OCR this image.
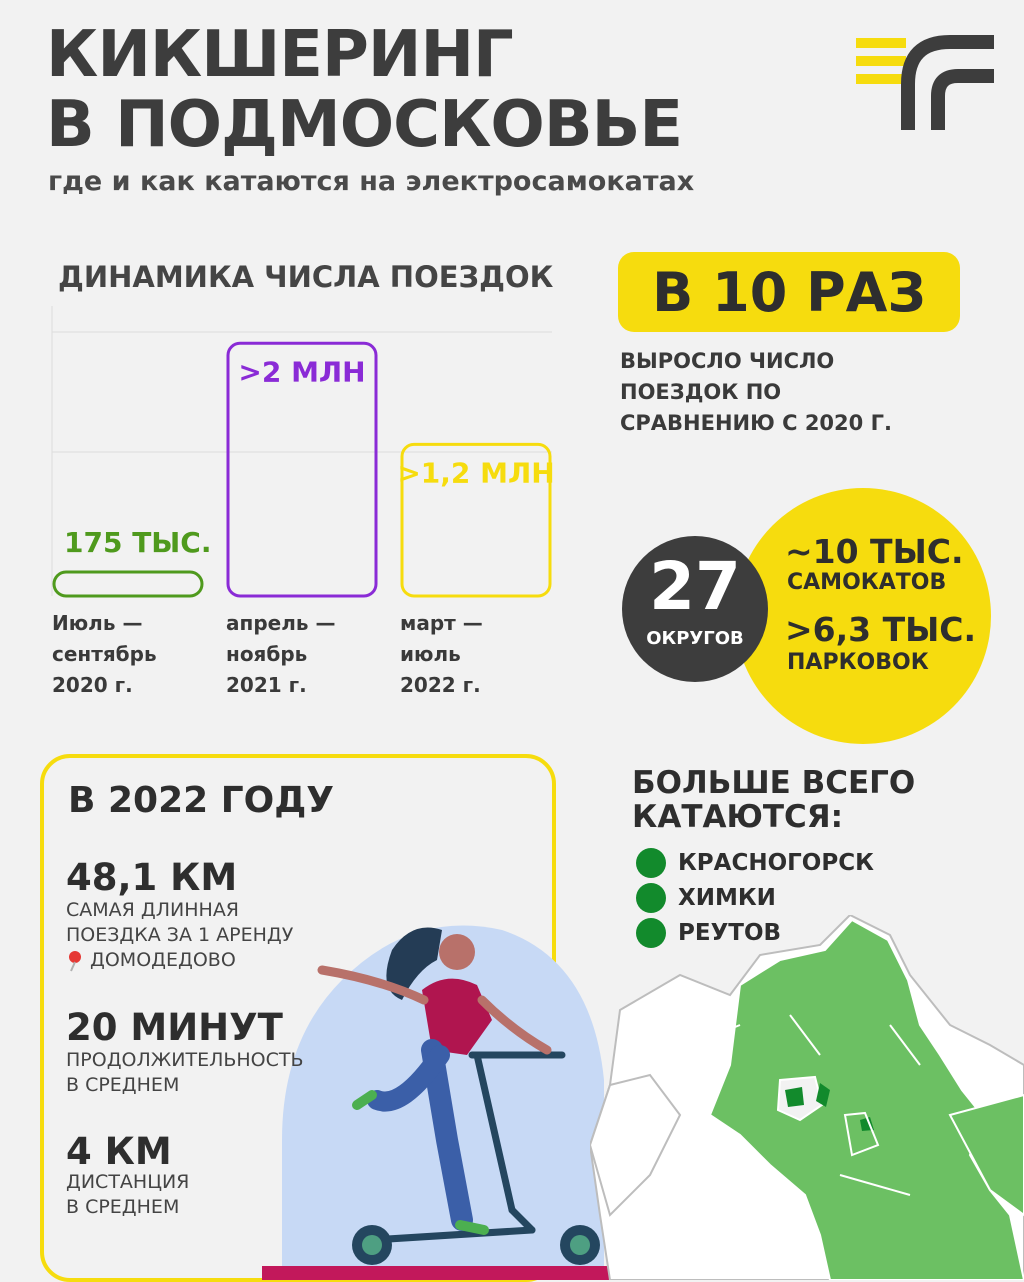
КИКШЕРИНГ
В ПОДМОСКОВЬЕ
где и как катаются на электросамокатах
ДИНАМИКА ЧИСЛА ПОЕЗДОК
175 ТЫС.
Июль —
сентябрь
2020 г.
>2 МЛН
апрель —
ноябрь
2021 г.
>1,2 МЛН
март —
июль
2022 г.
В 10 РАЗ
ВЫРОСЛО ЧИСЛО
ПОЕЗДОК ПО
СРАВНЕНИЮ С 2020 Г.
~10 ТЫС.
САМОКАТОВ
>6,3 ТЫС.
ПАРКОВОК
27
ОКРУГОВ
В 2022 ГОДУ
48,1 КМ
САМАЯ ДЛИННАЯ
ПОЕЗДКА ЗА 1 АРЕНДУ
ДОМОДЕДОВО
20 МИНУТ
ПРОДОЛЖИТЕЛЬНОСТЬ
В СРЕДНЕМ
4 КМ
ДИСТАНЦИЯ
В СРЕДНЕМ
БОЛЬШЕ ВСЕГО
КАТАЮТСЯ:
КРАСНОГОРСК
ХИМКИ
РЕУТОВ
